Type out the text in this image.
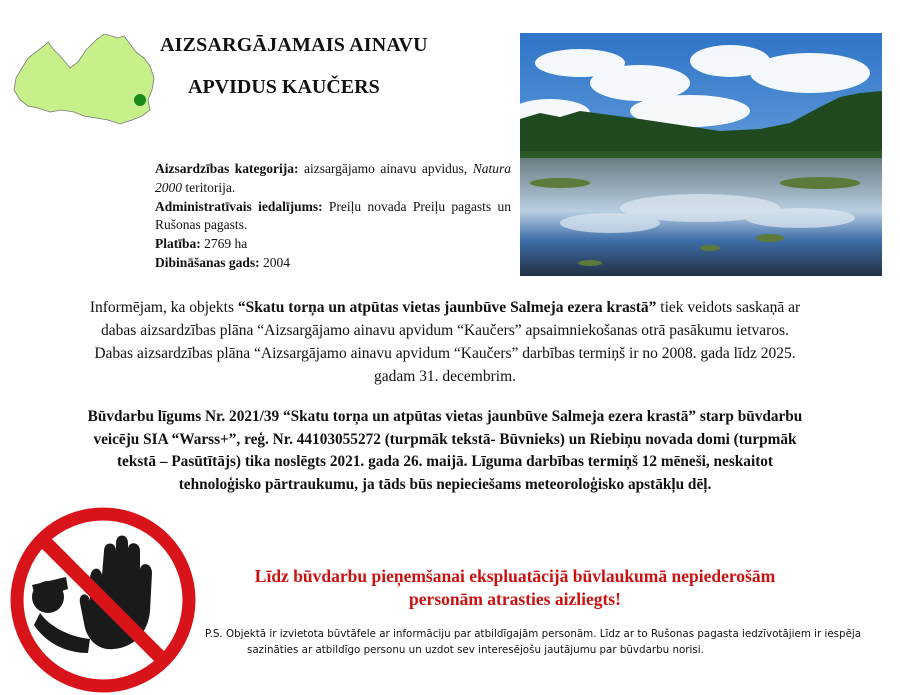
AIZSARGĀJAMAIS AINAVU
APVIDUS KAUČERS
Aizsardzības kategorija: aizsargājamo ainavu apvidus, Natura 2000 teritorija.
Administratīvais iedalījums: Preiļu novada Preiļu pagasts un Rušonas pagasts.
Platība: 2769 ha
Dibināšanas gads: 2004
Informējam, ka objekts “Skatu torņa un atpūtas vietas jaunbūve Salmeja ezera krastā” tiek veidots saskaņā ar dabas aizsardzības plāna “Aizsargājamo ainavu apvidum “Kaučers” apsaimniekošanas otrā pasākumu ietvaros. Dabas aizsardzības plāna “Aizsargājamo ainavu apvidum “Kaučers” darbības termiņš ir no 2008. gada līdz 2025. gadam 31. decembrim.
Būvdarbu līgums Nr. 2021/39 “Skatu torņa un atpūtas vietas jaunbūve Salmeja ezera krastā” starp būvdarbu veicēju SIA “Warss+”, reģ. Nr. 44103055272 (turpmāk tekstā- Būvnieks) un Riebiņu novada domi (turpmāk tekstā – Pasūtītājs) tika noslēgts 2021. gada 26. maijā. Līguma darbības termiņš 12 mēneši, neskaitot tehnoloģisko pārtraukumu, ja tāds būs nepieciešams meteoroloģisko apstākļu dēļ.
Līdz būvdarbu pieņemšanai ekspluatācijā būvlaukumā nepiederošām
personām atrasties aizliegts!
P.S. Objektā ir izvietota būvtāfele ar informāciju par atbildīgajām personām. Līdz ar to Rušonas pagasta iedzīvotājiem ir iespēja
sazināties ar atbildīgo personu un uzdot sev interesējošu jautājumu par būvdarbu norisi.
